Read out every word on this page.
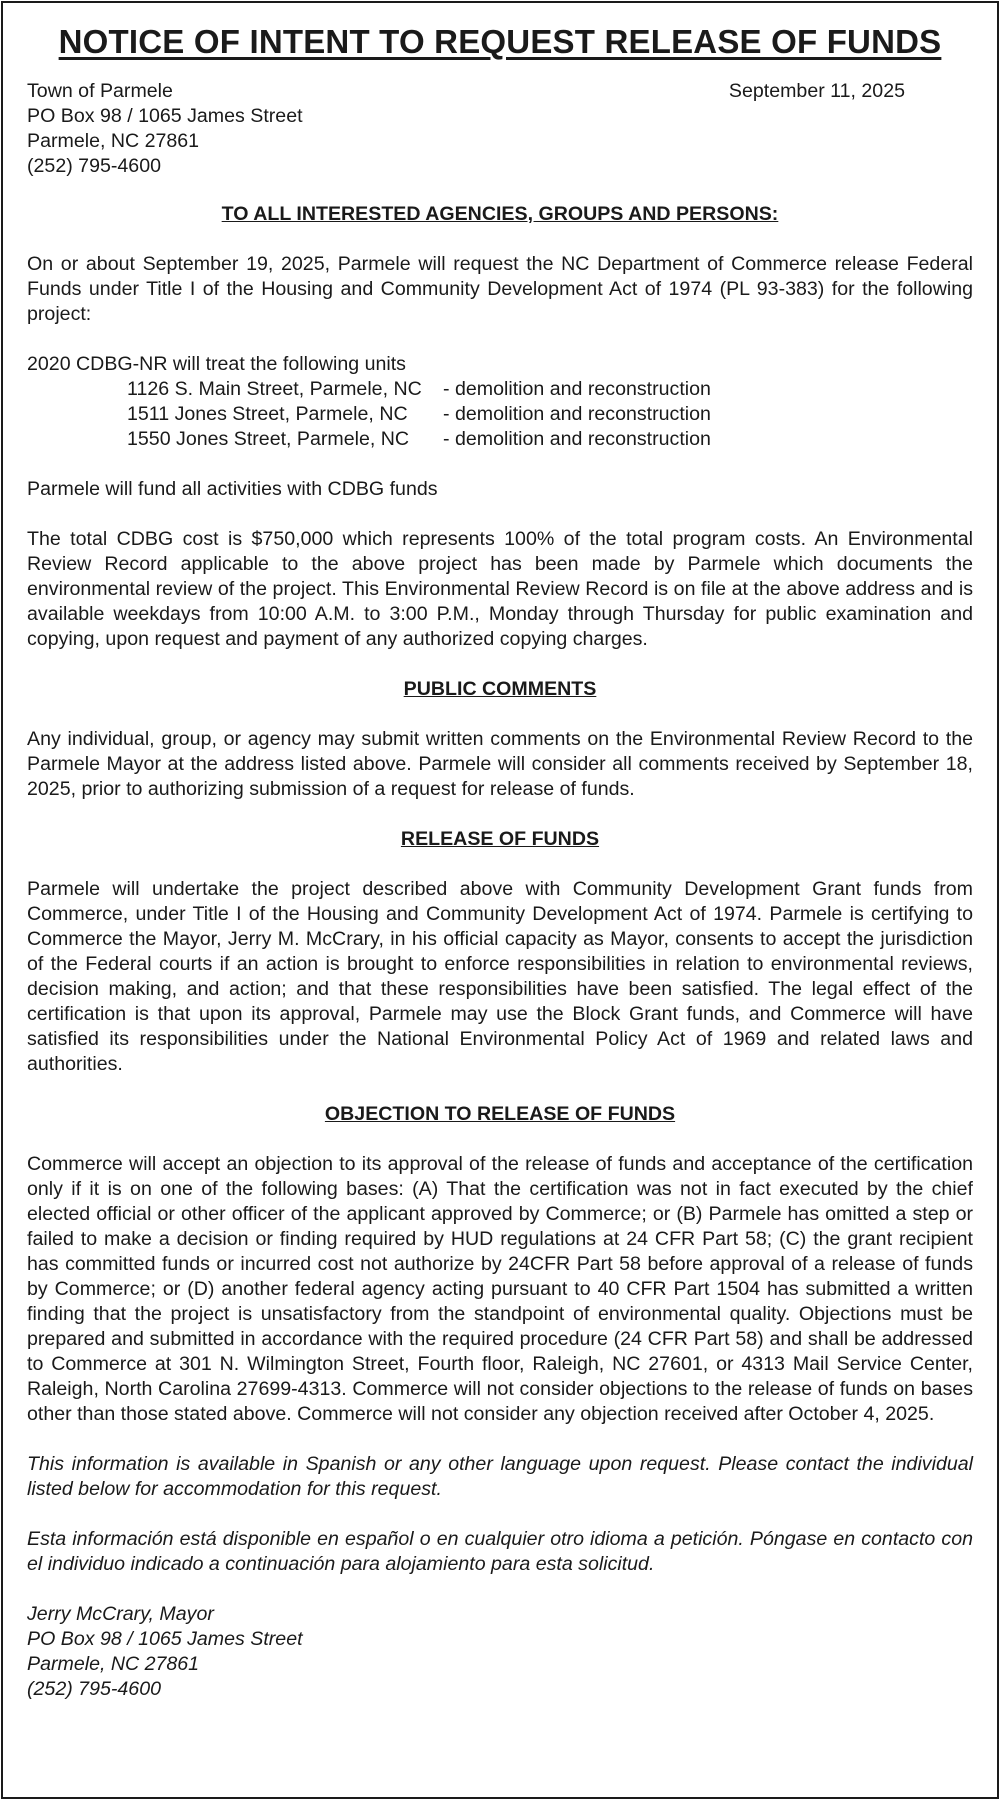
NOTICE OF INTENT TO REQUEST RELEASE OF FUNDS
Town of Parmele
PO Box 98 / 1065 James Street
Parmele, NC 27861
(252) 795-4600
September 11, 2025
TO ALL INTERESTED AGENCIES, GROUPS AND PERSONS:

On or about September 19, 2025, Parmele will request the NC Department of Commerce release Federal Funds under Title I of the Housing and Community Development Act of 1974 (PL 93-383) for the following project:

2020 CDBG-NR will treat the following units
1126 S. Main Street, Parmele, NC	- demolition and reconstruction
1511 Jones Street, Parmele, NC	- demolition and reconstruction
1550 Jones Street, Parmele, NC	- demolition and reconstruction

Parmele will fund all activities with CDBG funds

The total CDBG cost is $750,000 which represents 100% of the total program costs. An Environmental Review Record applicable to the above project has been made by Parmele which documents the environmental review of the project. This Environmental Review Record is on file at the above address and is available weekdays from 10:00 A.M. to 3:00 P.M., Monday through Thursday for public examination and copying, upon request and payment of any authorized copying charges.

PUBLIC COMMENTS

Any individual, group, or agency may submit written comments on the Environmental Review Record to the Parmele Mayor at the address listed above. Parmele will consider all comments received by September 18, 2025, prior to authorizing submission of a request for release of funds.

RELEASE OF FUNDS

Parmele will undertake the project described above with Community Development Grant funds from Commerce, under Title I of the Housing and Community Development Act of 1974. Parmele is certifying to Commerce the Mayor, Jerry M. McCrary, in his official capacity as Mayor, consents to accept the jurisdiction of the Federal courts if an action is brought to enforce responsibilities in relation to environmental reviews, decision making, and action; and that these responsibilities have been satisfied. The legal effect of the certification is that upon its approval, Parmele may use the Block Grant funds, and Commerce will have satisfied its responsibilities under the National Environmental Policy Act of 1969 and related laws and authorities.

OBJECTION TO RELEASE OF FUNDS

Commerce will accept an objection to its approval of the release of funds and acceptance of the certification only if it is on one of the following bases: (A) That the certification was not in fact executed by the chief elected official or other officer of the applicant approved by Commerce; or (B) Parmele has omitted a step or failed to make a decision or finding required by HUD regulations at 24 CFR Part 58; (C) the grant recipient has committed funds or incurred cost not authorize by 24CFR Part 58 before approval of a release of funds by Commerce; or (D) another federal agency acting pursuant to 40 CFR Part 1504 has submitted a written finding that the project is unsatisfactory from the standpoint of environmental quality. Objections must be prepared and submitted in accordance with the required procedure (24 CFR Part 58) and shall be addressed to Commerce at 301 N. Wilmington Street, Fourth floor, Raleigh, NC 27601, or 4313 Mail Service Center, Raleigh, North Carolina 27699-4313. Commerce will not consider objections to the release of funds on bases other than those stated above. Commerce will not consider any objection received after October 4, 2025.

This information is available in Spanish or any other language upon request. Please contact the individual listed below for accommodation for this request.

Esta información está disponible en español o en cualquier otro idioma a petición. Póngase en contacto con el individuo indicado a continuación para alojamiento para esta solicitud.

Jerry McCrary, Mayor
PO Box 98 / 1065 James Street
Parmele, NC 27861
(252) 795-4600
